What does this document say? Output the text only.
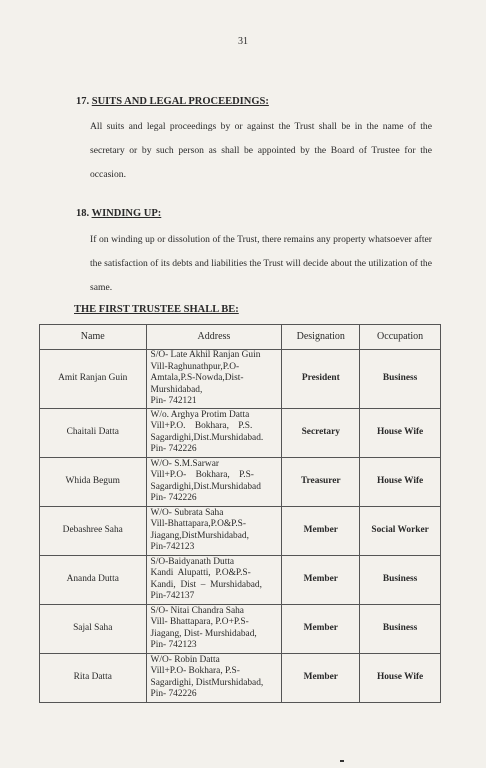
31
17. SUITS AND LEGAL PROCEEDINGS:

All suits and legal proceedings by or against the Trust shall be in the name of the secretary or by such person as shall be appointed by the Board of Trustee for the occasion.

18. WINDING UP:

If on winding up or dissolution of the Trust, there remains any property whatsoever after the satisfaction of its debts and liabilities the Trust will decide about the utilization of the same.

THE FIRST TRUSTEE SHALL BE:
Name	Address	Designation	Occupation
Amit Ranjan Guin	S/O- Late Akhil Ranjan Guin
Vill-Raghunathpur,P.O-
Amtala,P.S-Nowda,Dist-
Murshidabad,
Pin- 742121	President	Business
Chaitali Datta	W/o. Arghya Protim Datta
Vill+P.O.    Bokhara,    P.S.
Sagardighi,Dist.Murshidabad.
Pin- 742226	Secretary	House Wife
Whida Begum	W/O- S.M.Sarwar
Vill+P.O-    Bokhara,    P.S-
Sagardighi,Dist.Murshidabad
Pin- 742226	Treasurer	House Wife
Debashree Saha	W/O- Subrata Saha
Vill-Bhattapara,P.O&P.S-
Jiagang,DistMurshidabad,
Pin-742123	Member	Social Worker
Ananda Dutta	S/O-Baidyanath Dutta
Kandi  Alupatti,  P.O&P.S-
Kandi,  Dist  –  Murshidabad,
Pin-742137	Member	Business
Sajal Saha	S/O- Nitai Chandra Saha
Vill- Bhattapara, P.O+P.S-
Jiagang, Dist- Murshidabad,
Pin- 742123	Member	Business
Rita Datta	W/O- Robin Datta
Vill+P.O- Bokhara, P.S-
Sagardighi, DistMurshidabad,
Pin- 742226	Member	House Wife
